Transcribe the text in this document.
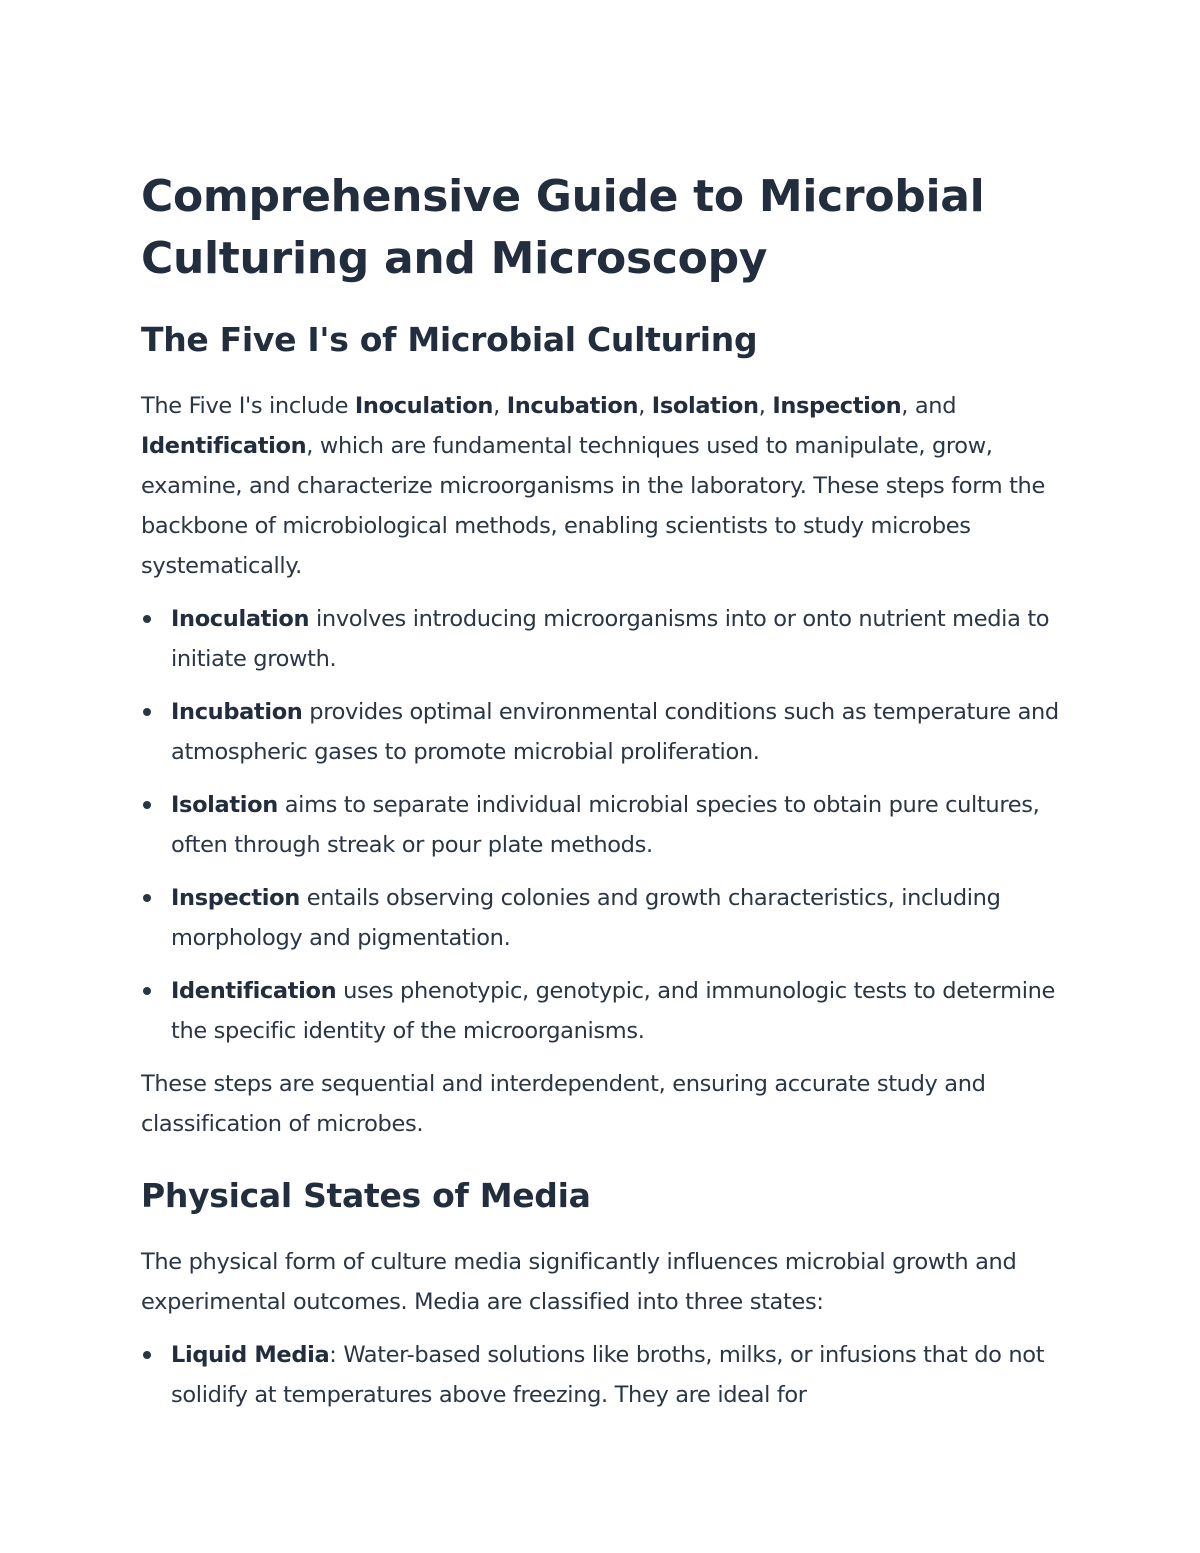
Comprehensive Guide to Microbial Culturing and Microscopy
The Five I's of Microbial Culturing

The Five I's include Inoculation, Incubation, Isolation, Inspection, and Identification, which are fundamental techniques used to manipulate, grow, examine, and characterize microorganisms in the laboratory. These steps form the backbone of microbiological methods, enabling scientists to study microbes systematically.

Inoculation involves introducing microorganisms into or onto nutrient media to initiate growth.
Incubation provides optimal environmental conditions such as temperature and atmospheric gases to promote microbial proliferation.
Isolation aims to separate individual microbial species to obtain pure cultures, often through streak or pour plate methods.
Inspection entails observing colonies and growth characteristics, including morphology and pigmentation.
Identification uses phenotypic, genotypic, and immunologic tests to determine the specific identity of the microorganisms.

These steps are sequential and interdependent, ensuring accurate study and classification of microbes.

Physical States of Media

The physical form of culture media significantly influences microbial growth and experimental outcomes. Media are classified into three states:

Liquid Media: Water-based solutions like broths, milks, or infusions that do not solidify at temperatures above freezing. They are ideal for
